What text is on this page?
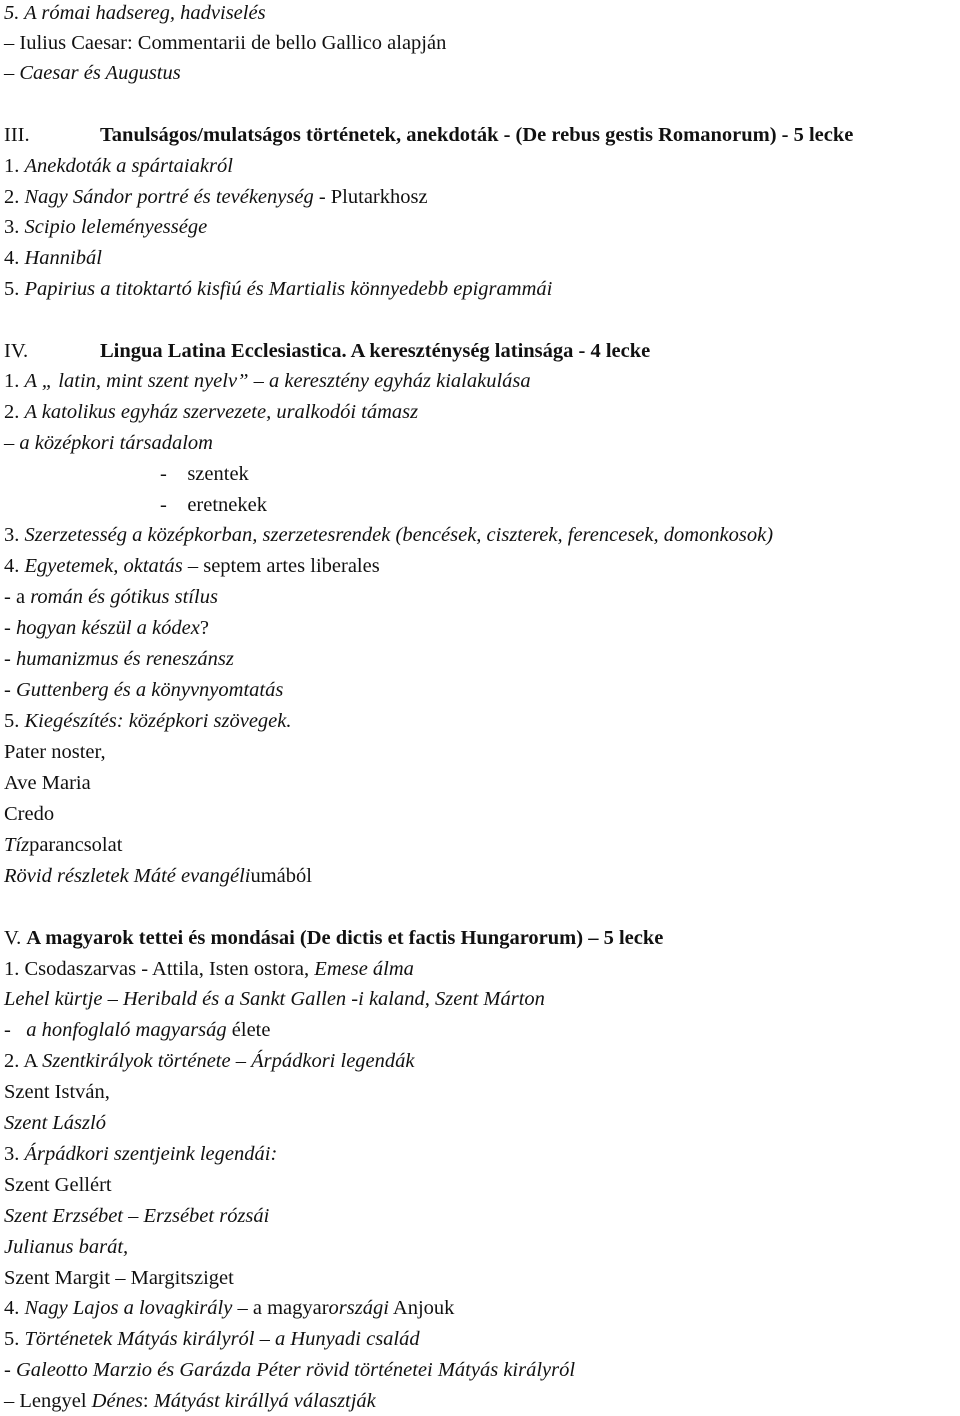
5. A római hadsereg, hadviselés
– Iulius Caesar: Commentarii de bello Gallico alapján
– Caesar és Augustus
III.	Tanulságos/mulatságos történetek, anekdoták - (De rebus gestis Romanorum) - 5 lecke
1. Anekdoták a spártaiakról
2. Nagy Sándor portré és tevékenység - Plutarkhosz
3. Scipio leleményessége
4. Hannibál
5. Papirius a titoktartó kisfiú és Martialis könnyedebb epigrammái
IV.	Lingua Latina Ecclesiastica. A kereszténység latinsága - 4 lecke
1. A „ latin, mint szent nyelv” – a keresztény egyház kialakulása
2. A katolikus egyház szervezete, uralkodói támasz
– a középkori társadalom
-    szentek
-    eretnekek
3. Szerzetesség a középkorban, szerzetesrendek (bencések, ciszterek, ferencesek, domonkosok)
4. Egyetemek, oktatás – septem artes liberales
- a román és gótikus stílus
- hogyan készül a kódex?
- humanizmus és reneszánsz
- Guttenberg és a könyvnyomtatás
5. Kiegészítés: középkori szövegek.
Pater noster,
Ave Maria
Credo
Tízparancsolat
Rövid részletek Máté evangéliumából
V. A magyarok tettei és mondásai (De dictis et factis Hungarorum) – 5 lecke
1. Csodaszarvas - Attila, Isten ostora, Emese álma
Lehel kürtje – Heribald és a Sankt Gallen -i kaland, Szent Márton
-   a honfoglaló magyarság élete
2. A Szentkirályok története – Árpádkori legendák
Szent István,
Szent László
3. Árpádkori szentjeink legendái:
Szent Gellért
Szent Erzsébet – Erzsébet rózsái
Julianus barát,
Szent Margit – Margitsziget
4. Nagy Lajos a lovagkirály – a magyarországi Anjouk
5. Történetek Mátyás királyról – a Hunyadi család
- Galeotto Marzio és Garázda Péter rövid történetei Mátyás királyról
– Lengyel Dénes: Mátyást királlyá választják
